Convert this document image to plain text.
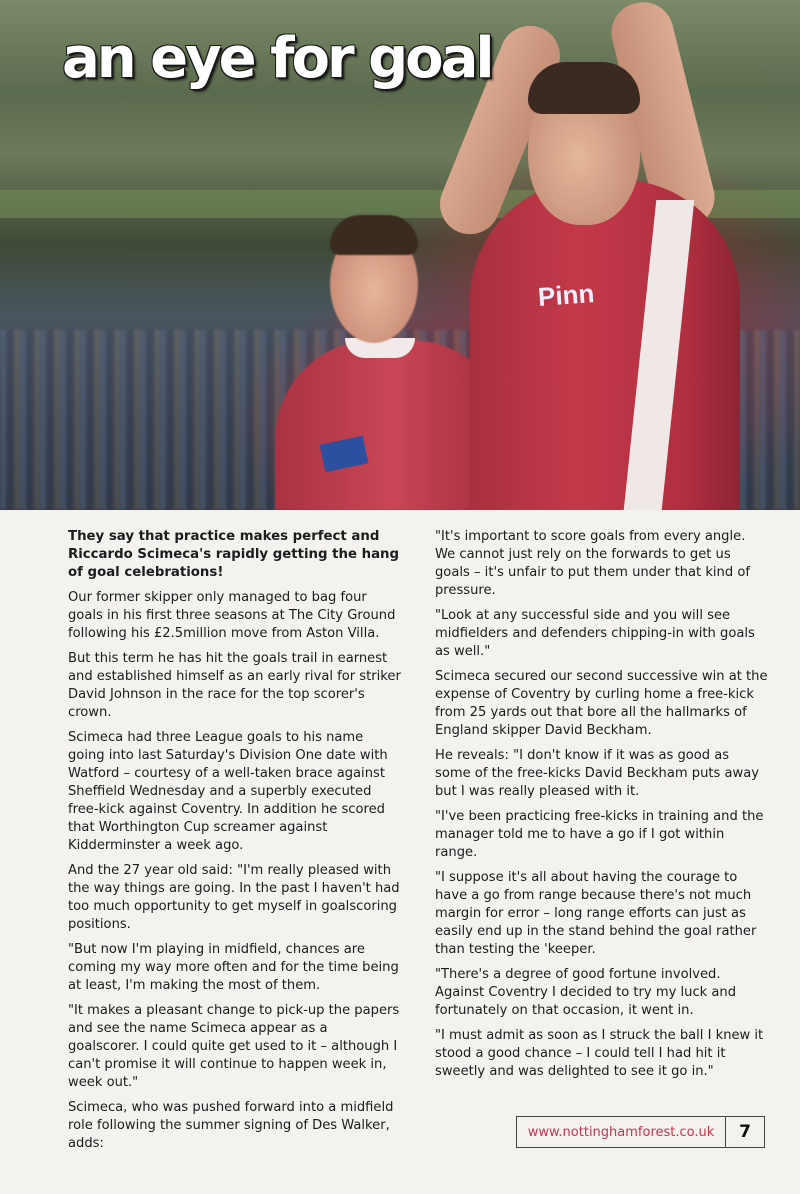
Pinn
an eye for goal

They say that practice makes perfect and Riccardo Scimeca's rapidly getting the hang of goal celebrations!

Our former skipper only managed to bag four goals in his first three seasons at The City Ground following his £2.5million move from Aston Villa.

But this term he has hit the goals trail in earnest and established himself as an early rival for striker David Johnson in the race for the top scorer's crown.

Scimeca had three League goals to his name going into last Saturday's Division One date with Watford – courtesy of a well-taken brace against Sheffield Wednesday and a superbly executed free-kick against Coventry. In addition he scored that Worthington Cup screamer against Kidderminster a week ago.

And the 27 year old said: "I'm really pleased with the way things are going. In the past I haven't had too much opportunity to get myself in goalscoring positions.

"But now I'm playing in midfield, chances are coming my way more often and for the time being at least, I'm making the most of them.

"It makes a pleasant change to pick-up the papers and see the name Scimeca appear as a goalscorer. I could quite get used to it – although I can't promise it will continue to happen week in, week out."

Scimeca, who was pushed forward into a midfield role following the summer signing of Des Walker, adds:

"It's important to score goals from every angle. We cannot just rely on the forwards to get us goals – it's unfair to put them under that kind of pressure.

"Look at any successful side and you will see midfielders and defenders chipping-in with goals as well."

Scimeca secured our second successive win at the expense of Coventry by curling home a free-kick from 25 yards out that bore all the hallmarks of England skipper David Beckham.

He reveals: "I don't know if it was as good as some of the free-kicks David Beckham puts away but I was really pleased with it.

"I've been practicing free-kicks in training and the manager told me to have a go if I got within range.

"I suppose it's all about having the courage to have a go from range because there's not much margin for error – long range efforts can just as easily end up in the stand behind the goal rather than testing the 'keeper.

"There's a degree of good fortune involved. Against Coventry I decided to try my luck and fortunately on that occasion, it went in.

"I must admit as soon as I struck the ball I knew it stood a good chance – I could tell I had hit it sweetly and was delighted to see it go in."

www.nottinghamforest.co.uk	7
